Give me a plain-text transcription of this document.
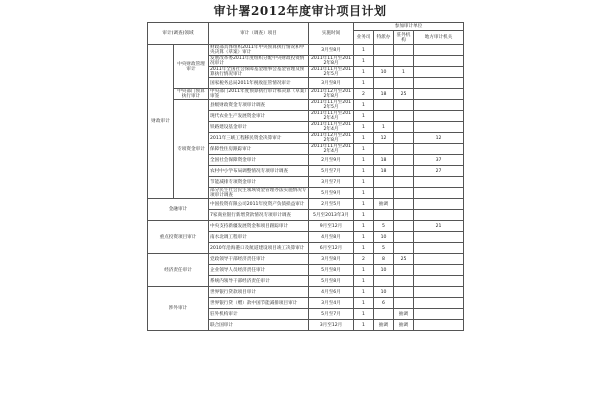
审计署2012年度审计项目计划
审计(调查)领域		审计（调查）项目	实施时间	参加审计单位			
				业务司	特派办	驻外机构	地方审计机关
财政审计	中央财政管理审计	财政部具体组织2011年中央预算执行情况和中央决算（草案）审计	3月至8月	1			
		发展改革委2011年度组织分配中央财政投资情况审计	2011年11月至2012年8月	1			
		2011年全国社会保障基金理事会基金管理及预算执行情况审计	2011年11月至2012年5月	1	10	1	
		国家税务总局2011年税收征管情况审计	3月至8月	1			
	中央部门预算执行审计	中央部门2011年度预算执行审计和决算（草案）审签	2011年12月至2012年8月	2	18	25	
	专项资金审计	县级财政资金专项审计调查	2011年11月至2012年5月	1			
		现代农业生产发展资金审计	2011年11月至2012年4月	1			
		铁路建设基金审计	2011年11月至2012年4月	1	1		
		2011年三峡工程移民资金决算审计	2011年12月至2012年8月	1	12		12
		保障性住房跟踪审计	2011年11月至2012年4月	1			
		全国社会保障资金审计	2月至9月	1	18		37
		农村中小学布局调整情况专项审计调查	5月至7月	1	18		27
		节能减排专项资金审计	3月至7月	1			
		部分民生社会民生领域资金管理办法实施情况专项审计调查	5月至9月	1			
金融审计		中国投资有限公司2011年度资产负债损益审计	2月至5月	1	抽调		
		7家商业银行新增贷款情况专项审计调查	5月至2013年3月	1			
重点投资项目审计		中央支持新疆发展资金和项目跟踪审计	9月至12月	1	5		21
		南水北调工程审计	4月至8月	1	10		
		2010年沿海港口及航道建设项目竣工决算审计	6月至12月	1	5		
经济责任审计		党政领导干部经济责任审计	3月至8月	2	8	25	
		企业领导人员经济责任审计	5月至8月	1	10		
		系统内领导干部经济责任审计	5月至8月	1			
涉外审计		世界银行贷款项目审计	4月至6月	1	10		
		世界银行贷（赠）款中国节能减排项目审计	3月至4月	1	6		
		驻外机构审计	5月至7月	1		抽调	
		联合国审计	3月至12月	1	抽调	抽调	
